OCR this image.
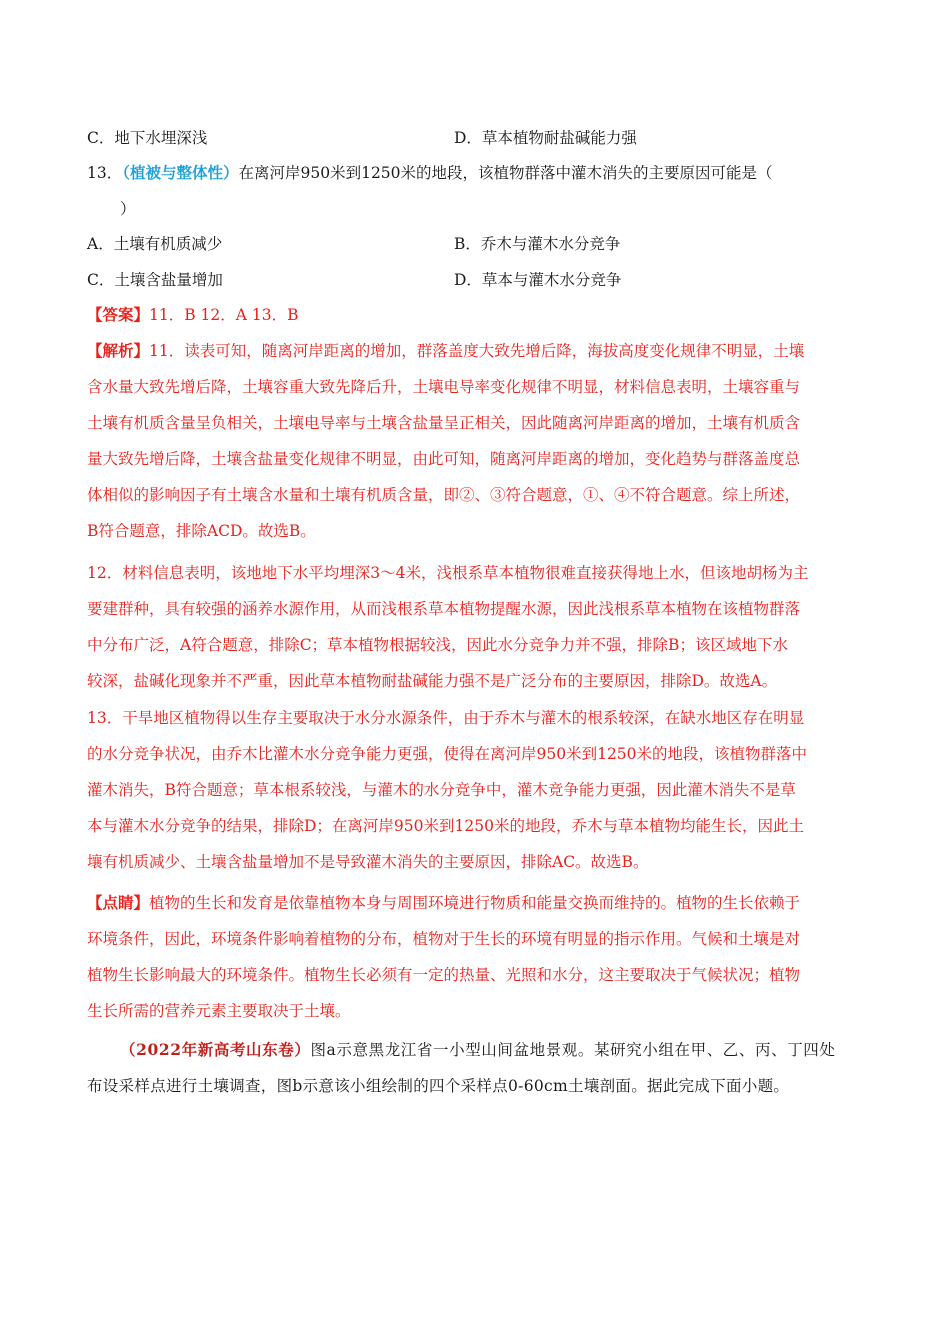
C．地下水埋深浅	D．草本植物耐盐碱能力强
13．（植被与整体性）在离河岸950米到1250米的地段，该植物群落中灌木消失的主要原因可能是（
）
A．土壤有机质减少	B．乔木与灌木水分竞争
C．土壤含盐量增加	D．草本与灌木水分竞争
【答案】11．B 12．A 13．B
【解析】11．读表可知，随离河岸距离的增加，群落盖度大致先增后降，海拔高度变化规律不明显，土壤
含水量大致先增后降，土壤容重大致先降后升，土壤电导率变化规律不明显，材料信息表明，土壤容重与
土壤有机质含量呈负相关，土壤电导率与土壤含盐量呈正相关，因此随离河岸距离的增加，土壤有机质含
量大致先增后降，土壤含盐量变化规律不明显，由此可知，随离河岸距离的增加，变化趋势与群落盖度总
体相似的影响因子有土壤含水量和土壤有机质含量，即②、③符合题意，①、④不符合题意。综上所述，
B符合题意，排除ACD。故选B。
12．材料信息表明，该地地下水平均埋深3～4米，浅根系草本植物很难直接获得地上水，但该地胡杨为主
要建群种，具有较强的涵养水源作用，从而浅根系草本植物提醒水源，因此浅根系草本植物在该植物群落
中分布广泛，A符合题意，排除C；草本植物根据较浅，因此水分竞争力并不强，排除B；该区域地下水
较深，盐碱化现象并不严重，因此草本植物耐盐碱能力强不是广泛分布的主要原因，排除D。故选A。
13．干旱地区植物得以生存主要取决于水分水源条件，由于乔木与灌木的根系较深，在缺水地区存在明显
的水分竞争状况，由乔木比灌木水分竞争能力更强，使得在离河岸950米到1250米的地段，该植物群落中
灌木消失，B符合题意；草本根系较浅，与灌木的水分竞争中，灌木竞争能力更强，因此灌木消失不是草
本与灌木水分竞争的结果，排除D；在离河岸950米到1250米的地段，乔木与草本植物均能生长，因此土
壤有机质减少、土壤含盐量增加不是导致灌木消失的主要原因，排除AC。故选B。
【点睛】植物的生长和发育是依靠植物本身与周围环境进行物质和能量交换而维持的。植物的生长依赖于
环境条件，因此，环境条件影响着植物的分布，植物对于生长的环境有明显的指示作用。气候和土壤是对
植物生长影响最大的环境条件。植物生长必须有一定的热量、光照和水分，这主要取决于气候状况；植物
生长所需的营养元素主要取决于土壤。
（2022年新高考山东卷）图a示意黑龙江省一小型山间盆地景观。某研究小组在甲、乙、丙、丁四处
布设采样点进行土壤调查，图b示意该小组绘制的四个采样点0-60cm土壤剖面。据此完成下面小题。
